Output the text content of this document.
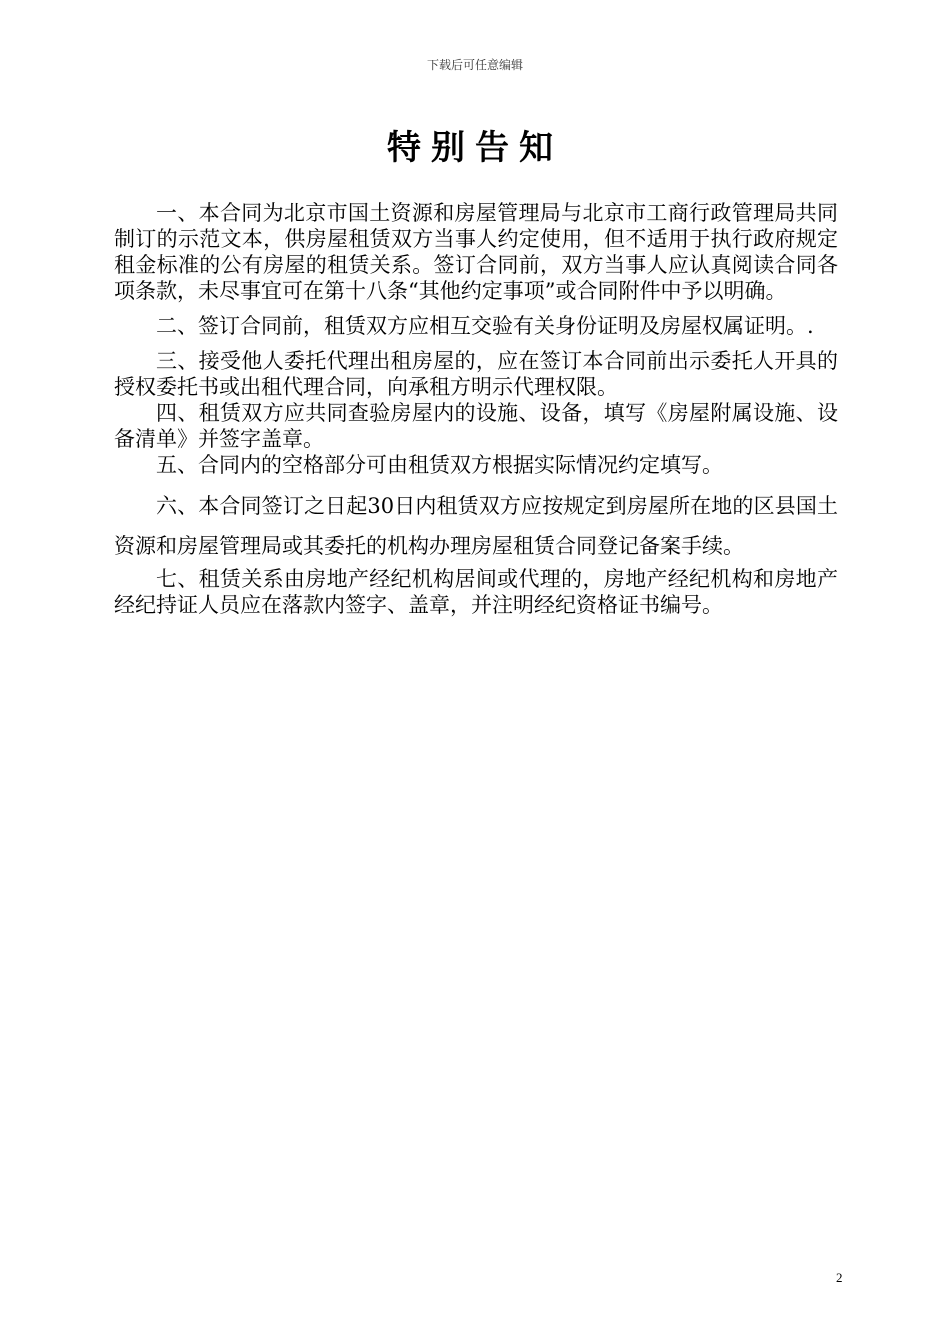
下载后可任意编辑
特别告知

一、本合同为北京市国土资源和房屋管理局与北京市工商行政管理局共同制订的示范文本，供房屋租赁双方当事人约定使用，但不适用于执行政府规定租金标准的公有房屋的租赁关系。签订合同前，双方当事人应认真阅读合同各项条款，未尽事宜可在第十八条“其他约定事项”或合同附件中予以明确。

二、签订合同前，租赁双方应相互交验有关身份证明及房屋权属证明。.

三、接受他人委托代理出租房屋的，应在签订本合同前出示委托人开具的授权委托书或出租代理合同，向承租方明示代理权限。

四、租赁双方应共同查验房屋内的设施、设备，填写《房屋附属设施、设备清单》并签字盖章。

五、合同内的空格部分可由租赁双方根据实际情况约定填写。

六、本合同签订之日起30日内租赁双方应按规定到房屋所在地的区县国土资源和房屋管理局或其委托的机构办理房屋租赁合同登记备案手续。

七、租赁关系由房地产经纪机构居间或代理的，房地产经纪机构和房地产经纪持证人员应在落款内签字、盖章，并注明经纪资格证书编号。

2
